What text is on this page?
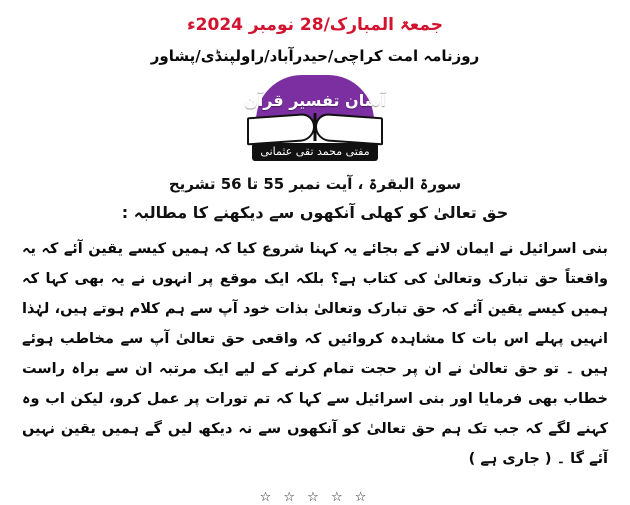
جمعۃ المبارک/28 نومبر 2024ء
روزنامہ امت کراچی/حیدرآباد/راولپنڈی/پشاور
آسان تفسیر قرآن
مفتی محمد تقی عثمانی
سورۃ البقرۃ ، آیت نمبر 55 تا 56 تشریح
حق تعالیٰ کو کھلی آنکھوں سے دیکھنے کا مطالبہ :
بنی اسرائیل نے ایمان لانے کے بجائے یہ کہنا شروع کیا کہ ہمیں کیسے یقین آئے کہ یہ واقعتاً حق تبارک وتعالیٰ کی کتاب ہے؟ بلکہ ایک موقع پر انہوں نے یہ بھی کہا کہ ہمیں کیسے یقین آئے کہ حق تبارک وتعالیٰ بذات خود آپ سے ہم کلام ہوتے ہیں، لہٰذا انہیں پہلے اس بات کا مشاہدہ کروائیں کہ واقعی حق تعالیٰ آپ سے مخاطب ہوئے ہیں ۔ تو حق تعالیٰ نے ان پر حجت تمام کرنے کے لیے ایک مرتبہ ان سے براہ راست خطاب بھی فرمایا اور بنی اسرائیل سے کہا کہ تم تورات پر عمل کرو، لیکن اب وہ کہنے لگے کہ جب تک ہم حق تعالیٰ کو آنکھوں سے نہ دیکھ لیں گے ہمیں یقین نہیں آئے گا ۔ ( جاری ہے )
☆ ☆ ☆ ☆ ☆
